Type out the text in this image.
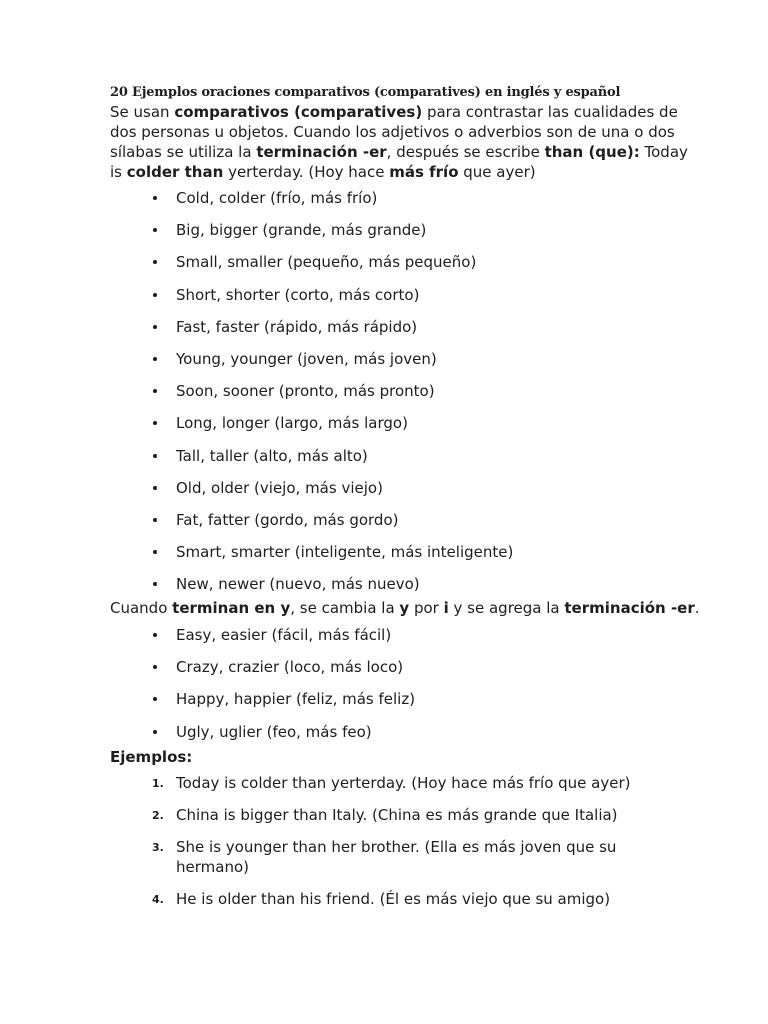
20 Ejemplos oraciones comparativos (comparatives) en inglés y español
Se usan comparativos (comparatives) para contrastar las cualidades de
dos personas u objetos. Cuando los adjetivos o adverbios son de una o dos
sílabas se utiliza la terminación -er, después se escribe than (que): Today
is colder than yerterday. (Hoy hace más frío que ayer)
Cold, colder (frío, más frío)
Big, bigger (grande, más grande)
Small, smaller (pequeño, más pequeño)
Short, shorter (corto, más corto)
Fast, faster (rápido, más rápido)
Young, younger (joven, más joven)
Soon, sooner (pronto, más pronto)
Long, longer (largo, más largo)
Tall, taller (alto, más alto)
Old, older (viejo, más viejo)
Fat, fatter (gordo, más gordo)
Smart, smarter (inteligente, más inteligente)
New, newer (nuevo, más nuevo)
Cuando terminan en y, se cambia la y por i y se agrega la terminación -er.
Easy, easier (fácil, más fácil)
Crazy, crazier (loco, más loco)
Happy, happier (feliz, más feliz)
Ugly, uglier (feo, más feo)
Ejemplos:
1. Today is colder than yerterday. (Hoy hace más frío que ayer)
2. China is bigger than Italy. (China es más grande que Italia)
3. She is younger than her brother. (Ella es más joven que su
hermano)
4. He is older than his friend. (Él es más viejo que su amigo)
